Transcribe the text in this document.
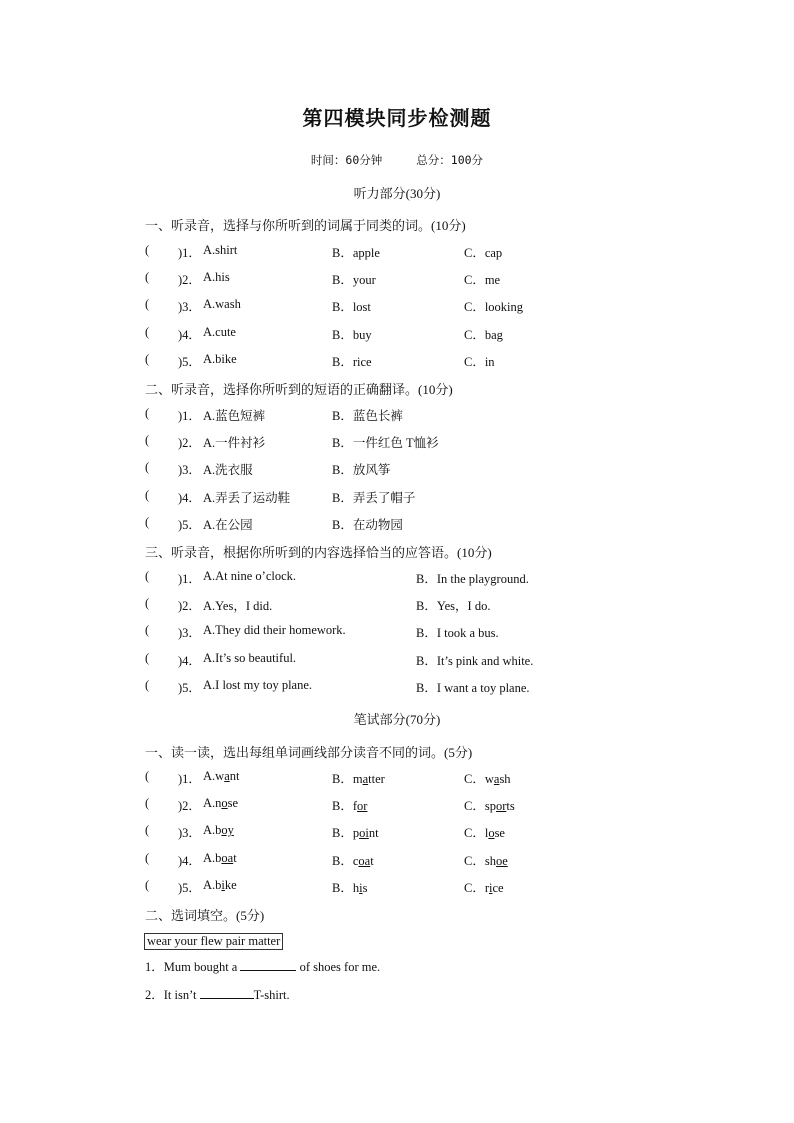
第四模块同步检测题
时间：60分钟	总分：100分
听力部分(30分)
一、听录音，选择与你所听到的词属于同类的词。(10分)
( )1． A.shirt	B．apple	C．cap
( )2． A.his	B．your	C．me
( )3． A.wash	B．lost	C．looking
( )4． A.cute	B．buy	C．bag
( )5． A.bike	B．rice	C．in
二、听录音，选择你所听到的短语的正确翻译。(10分)
( )1． A.蓝色短裤	B．蓝色长裤
( )2． A.一件衬衫	B．一件红色 T恤衫
( )3． A.洗衣服	B．放风筝
( )4． A.弄丢了运动鞋	B．弄丢了帽子
( )5． A.在公园	B．在动物园
三、听录音，根据你所听到的内容选择恰当的应答语。(10分)
( )1． A.At nine o’clock.	B．In the playground.
( )2． A.Yes，I did.	B．Yes，I do.
( )3． A.They did their homework.	B．I took a bus.
( )4． A.It’s so beautiful.	B．It’s pink and white.
( )5． A.I lost my toy plane.	B．I want a toy plane.
笔试部分(70分)
一、读一读，选出每组单词画线部分读音不同的词。(5分)
( )1． A.want	B．matter	C．wash
( )2． A.nose	B．for	C．sports
( )3． A.boy	B．point	C．lose
( )4． A.boat	B．coat	C．shoe
( )5． A.bike	B．his	C．rice
二、选词填空。(5分)
wear your flew pair matter
1．Mum bought a	of shoes for me.
2．It isn’t	T-shirt.
